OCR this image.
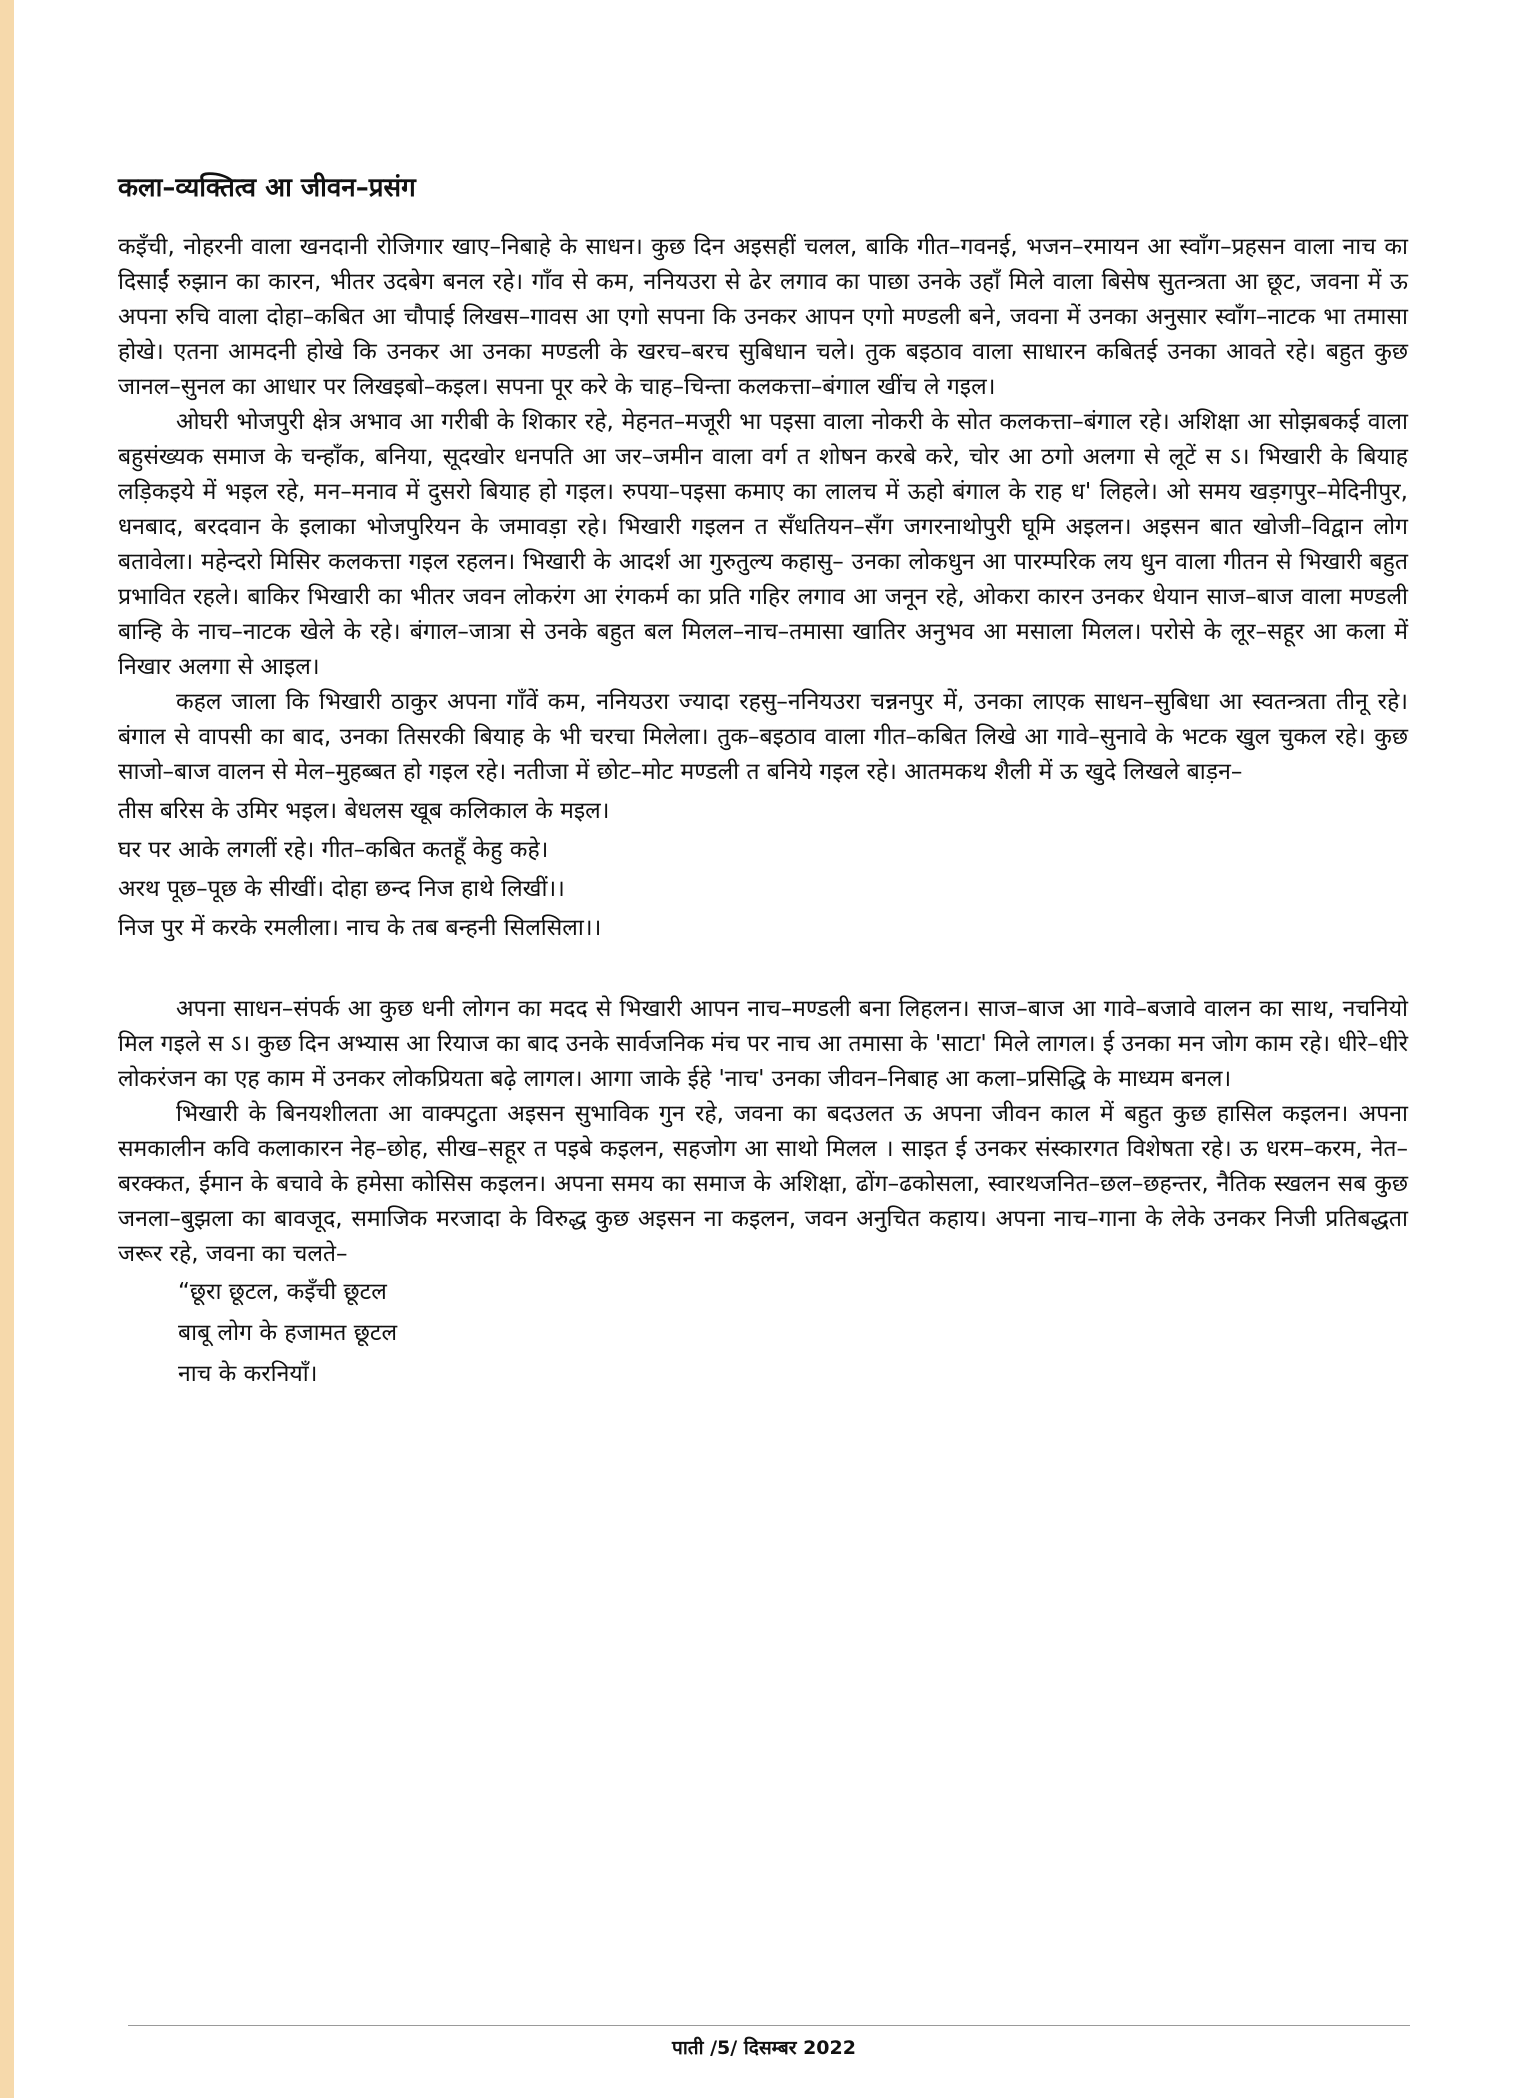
कला–व्यक्तित्व आ जीवन–प्रसंग

कइँची, नोहरनी वाला खनदानी रोजिगार खाए–निबाहे के साधन। कुछ दिन अइसहीं चलल, बाकि गीत–गवनई, भजन–रमायन आ स्वाँग–प्रहसन वाला नाच का दिसाईं रुझान का कारन, भीतर उदबेग बनल रहे। गाँव से कम, ननियउरा से ढेर लगाव का पाछा उनके उहाँ मिले वाला बिसेष सुतन्त्रता आ छूट, जवना में ऊ अपना रुचि वाला दोहा–कबित आ चौपाई लिखस–गावस आ एगो सपना कि उनकर आपन एगो मण्डली बने, जवना में उनका अनुसार स्वाँग–नाटक भा तमासा होखे। एतना आमदनी होखे कि उनकर आ उनका मण्डली के खरच–बरच सुबिधान चले। तुक बइठाव वाला साधारन कबितई उनका आवते रहे। बहुत कुछ जानल–सुनल का आधार पर लिखइबो–कइल। सपना पूर करे के चाह–चिन्ता कलकत्ता–बंगाल खींच ले गइल।

ओघरी भोजपुरी क्षेत्र अभाव आ गरीबी के शिकार रहे, मेहनत–मजूरी भा पइसा वाला नोकरी के सोत कलकत्ता–बंगाल रहे। अशिक्षा आ सोझबकई वाला बहुसंख्यक समाज के चन्हाँक, बनिया, सूदखोर धनपति आ जर–जमीन वाला वर्ग त शोषन करबे करे, चोर आ ठगो अलगा से लूटें स ऽ। भिखारी के बियाह लड़िकइये में भइल रहे, मन–मनाव में दुसरो बियाह हो गइल। रुपया–पइसा कमाए का लालच में ऊहो बंगाल के राह ध' लिहले। ओ समय खड़गपुर–मेदिनीपुर, धनबाद, बरदवान के इलाका भोजपुरियन के जमावड़ा रहे। भिखारी गइलन त सँधतियन–सँग जगरनाथोपुरी घूमि अइलन। अइसन बात खोजी–विद्वान लोग बतावेला। महेन्दरो मिसिर कलकत्ता गइल रहलन। भिखारी के आदर्श आ गुरुतुल्य कहासु– उनका लोकधुन आ पारम्परिक लय धुन वाला गीतन से भिखारी बहुत प्रभावित रहले। बाकिर भिखारी का भीतर जवन लोकरंग आ रंगकर्म का प्रति गहिर लगाव आ जनून रहे, ओकरा कारन उनकर धेयान साज–बाज वाला मण्डली बान्हि के नाच–नाटक खेले के रहे। बंगाल–जात्रा से उनके बहुत बल मिलल–नाच–तमासा खातिर अनुभव आ मसाला मिलल। परोसे के लूर–सहूर आ कला में निखार अलगा से आइल।

कहल जाला कि भिखारी ठाकुर अपना गाँवें कम, ननियउरा ज्यादा रहसु–ननियउरा चन्ननपुर में, उनका लाएक साधन–सुबिधा आ स्वतन्त्रता तीनू रहे। बंगाल से वापसी का बाद, उनका तिसरकी बियाह के भी चरचा मिलेला। तुक–बइठाव वाला गीत–कबित लिखे आ गावे–सुनावे के भटक खुल चुकल रहे। कुछ साजो–बाज वालन से मेल–मुहब्बत हो गइल रहे। नतीजा में छोट–मोट मण्डली त बनिये गइल रहे। आतमकथ शैली में ऊ खुदे लिखले बाड़न–

तीस बरिस के उमिर भइल। बेधलस खूब कलिकाल के मइल।
घर पर आके लगलीं रहे। गीत–कबित कतहूँ केहु कहे।
अरथ पूछ–पूछ के सीखीं। दोहा छन्द निज हाथे लिखीं।।
निज पुर में करके रमलीला। नाच के तब बन्हनी सिलसिला।।

अपना साधन–संपर्क आ कुछ धनी लोगन का मदद से भिखारी आपन नाच–मण्डली बना लिहलन। साज–बाज आ गावे–बजावे वालन का साथ, नचनियो मिल गइले स ऽ। कुछ दिन अभ्यास आ रियाज का बाद उनके सार्वजनिक मंच पर नाच आ तमासा के 'साटा' मिले लागल। ई उनका मन जोग काम रहे। धीरे–धीरे लोकरंजन का एह काम में उनकर लोकप्रियता बढ़े लागल। आगा जाके ईहे 'नाच' उनका जीवन–निबाह आ कला–प्रसिद्धि के माध्यम बनल।

भिखारी के बिनयशीलता आ वाक्पटुता अइसन सुभाविक गुन रहे, जवना का बदउलत ऊ अपना जीवन काल में बहुत कुछ हासिल कइलन। अपना समकालीन कवि कलाकारन नेह–छोह, सीख–सहूर त पइबे कइलन, सहजोग आ साथो मिलल । साइत ई उनकर संस्कारगत विशेषता रहे। ऊ धरम–करम, नेत–बरक्कत, ईमान के बचावे के हमेसा कोसिस कइलन। अपना समय का समाज के अशिक्षा, ढोंग–ढकोसला, स्वारथजनित–छल–छहन्तर, नैतिक स्खलन सब कुछ जनला–बुझला का बावजूद, समाजिक मरजादा के विरुद्ध कुछ अइसन ना कइलन, जवन अनुचित कहाय। अपना नाच–गाना के लेके उनकर निजी प्रतिबद्धता जरूर रहे, जवना का चलते–

“छूरा छूटल, कइँची छूटल
बाबू लोग के हजामत छूटल
नाच के करनियाँ।
पाती /5/ दिसम्बर 2022
